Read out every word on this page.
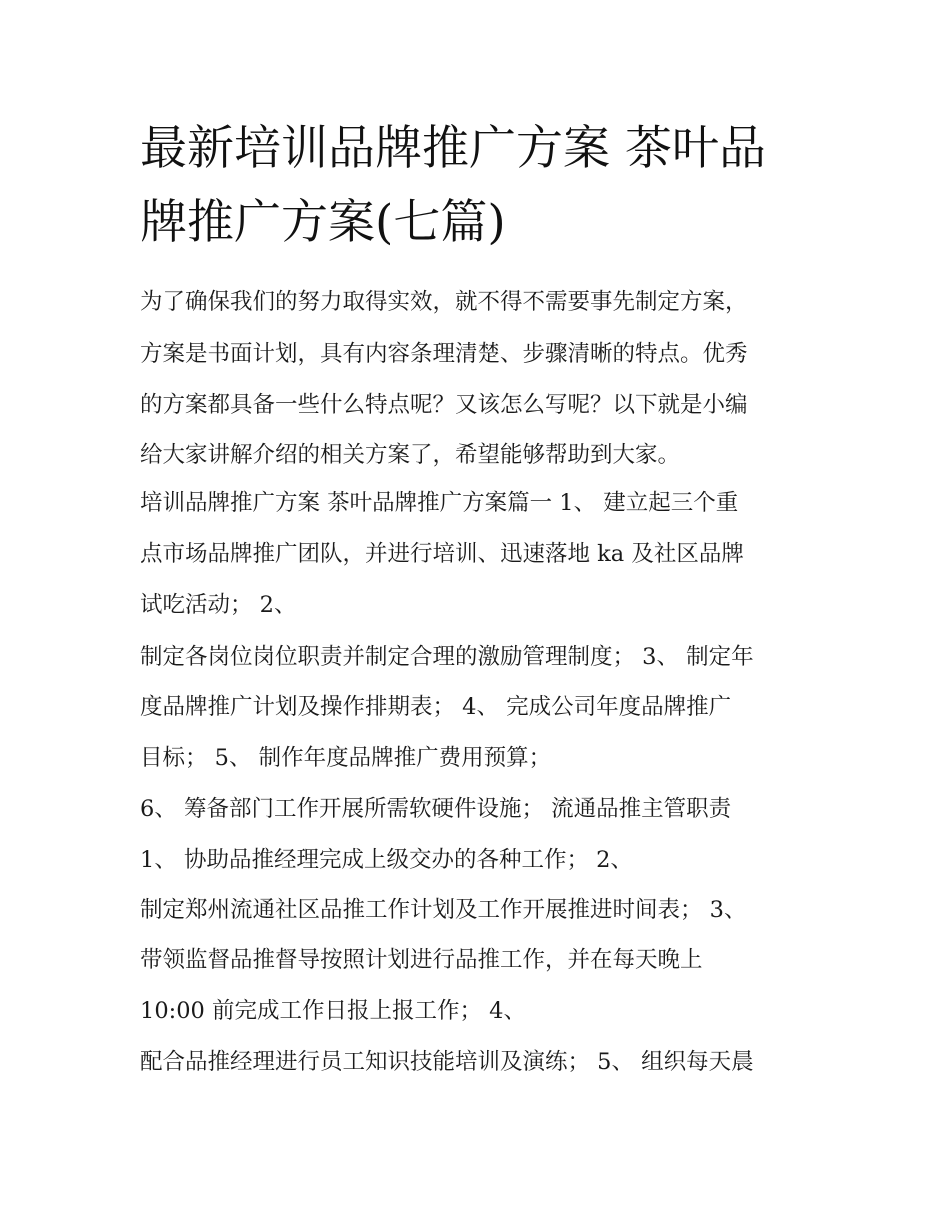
最新培训品牌推广方案 茶叶品
牌推广方案(七篇)
为了确保我们的努力取得实效，就不得不需要事先制定方案，
方案是书面计划，具有内容条理清楚、步骤清晰的特点。优秀
的方案都具备一些什么特点呢？又该怎么写呢？以下就是小编
给大家讲解介绍的相关方案了，希望能够帮助到大家。
培训品牌推广方案 茶叶品牌推广方案篇一 1、 建立起三个重
点市场品牌推广团队，并进行培训、迅速落地 ka 及社区品牌
试吃活动； 2、
制定各岗位岗位职责并制定合理的激励管理制度； 3、 制定年
度品牌推广计划及操作排期表； 4、 完成公司年度品牌推广
目标； 5、 制作年度品牌推广费用预算；
6、 筹备部门工作开展所需软硬件设施； 流通品推主管职责
1、 协助品推经理完成上级交办的各种工作； 2、
制定郑州流通社区品推工作计划及工作开展推进时间表； 3、
带领监督品推督导按照计划进行品推工作，并在每天晚上
10:00 前完成工作日报上报工作； 4、
配合品推经理进行员工知识技能培训及演练； 5、 组织每天晨
